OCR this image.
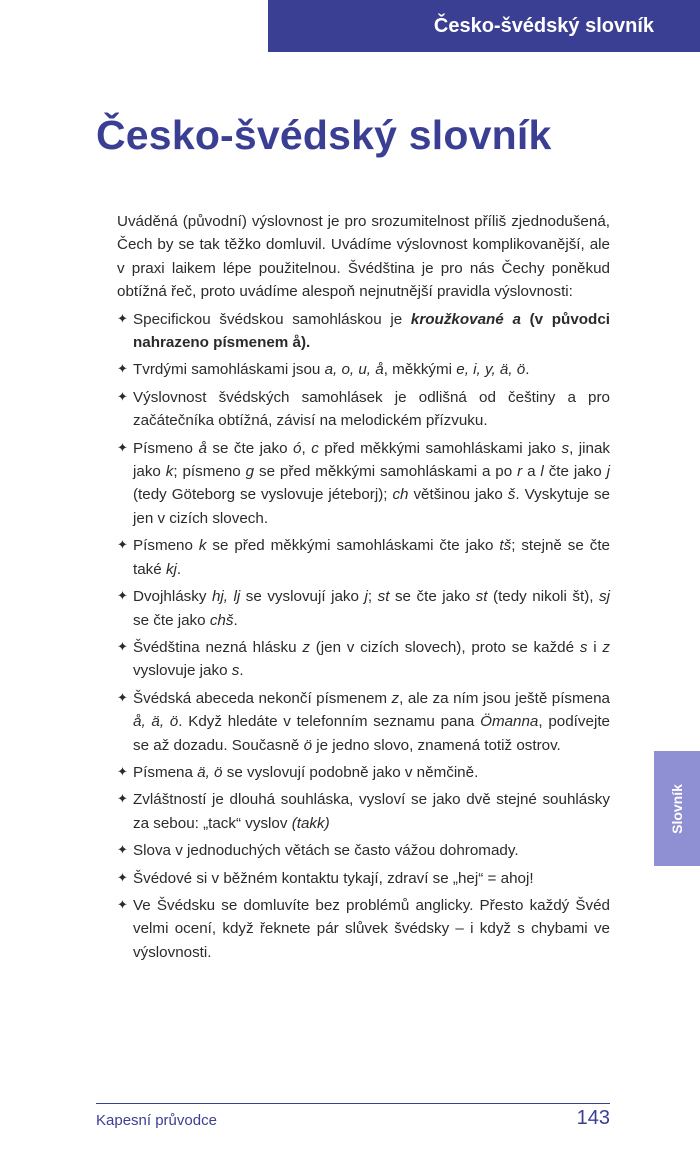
Česko-švédský slovník
Česko-švédský slovník

Uváděná (původní) výslovnost je pro srozumitelnost příliš zjednodušená, Čech by se tak těžko domluvil. Uvádíme výslovnost komplikovanější, ale v praxi laikem lépe použitelnou. Švédština je pro nás Čechy poněkud obtížná řeč, proto uvádíme alespoň nejnutnější pravidla výslovnosti:

✦ Specifickou švédskou samohláskou je kroužkované a (v původci nahrazeno písmenem å).
✦ Tvrdými samohláskami jsou a, o, u, å, měkkými e, i, y, ä, ö.
✦ Výslovnost švédských samohlásek je odlišná od češtiny a pro začátečníka obtížná, závisí na melodickém přízvuku.
✦ Písmeno å se čte jako ó, c před měkkými samohláskami jako s, jinak jako k; písmeno g se před měkkými samohláskami a po r a l čte jako j (tedy Göteborg se vyslovuje jéteborj); ch většinou jako š. Vyskytuje se jen v cizích slovech.
✦ Písmeno k se před měkkými samohláskami čte jako tš; stejně se čte také kj.
✦ Dvojhlásky hj, lj se vyslovují jako j; st se čte jako st (tedy nikoli št), sj se čte jako chš.
✦ Švédština nezná hlásku z (jen v cizích slovech), proto se každé s i z vyslovuje jako s.
✦ Švédská abeceda nekončí písmenem z, ale za ním jsou ještě písmena å, ä, ö. Když hledáte v telefonním seznamu pana Ömanna, podívejte se až dozadu. Současně ö je jedno slovo, znamená totiž ostrov.
✦ Písmena ä, ö se vyslovují podobně jako v němčině.
✦ Zvláštností je dlouhá souhláska, vysloví se jako dvě stejné souhlásky za sebou: „tack“ vyslov (takk)
✦ Slova v jednoduchých větách se často vážou dohromady.
✦ Švédové si v běžném kontaktu tykají, zdraví se „hej“ = ahoj!
✦ Ve Švédsku se domluvíte bez problémů anglicky. Přesto každý Švéd velmi ocení, když řeknete pár slůvek švédsky – i když s chybami ve výslovnosti.
Slovník
Kapesní průvodce	143
